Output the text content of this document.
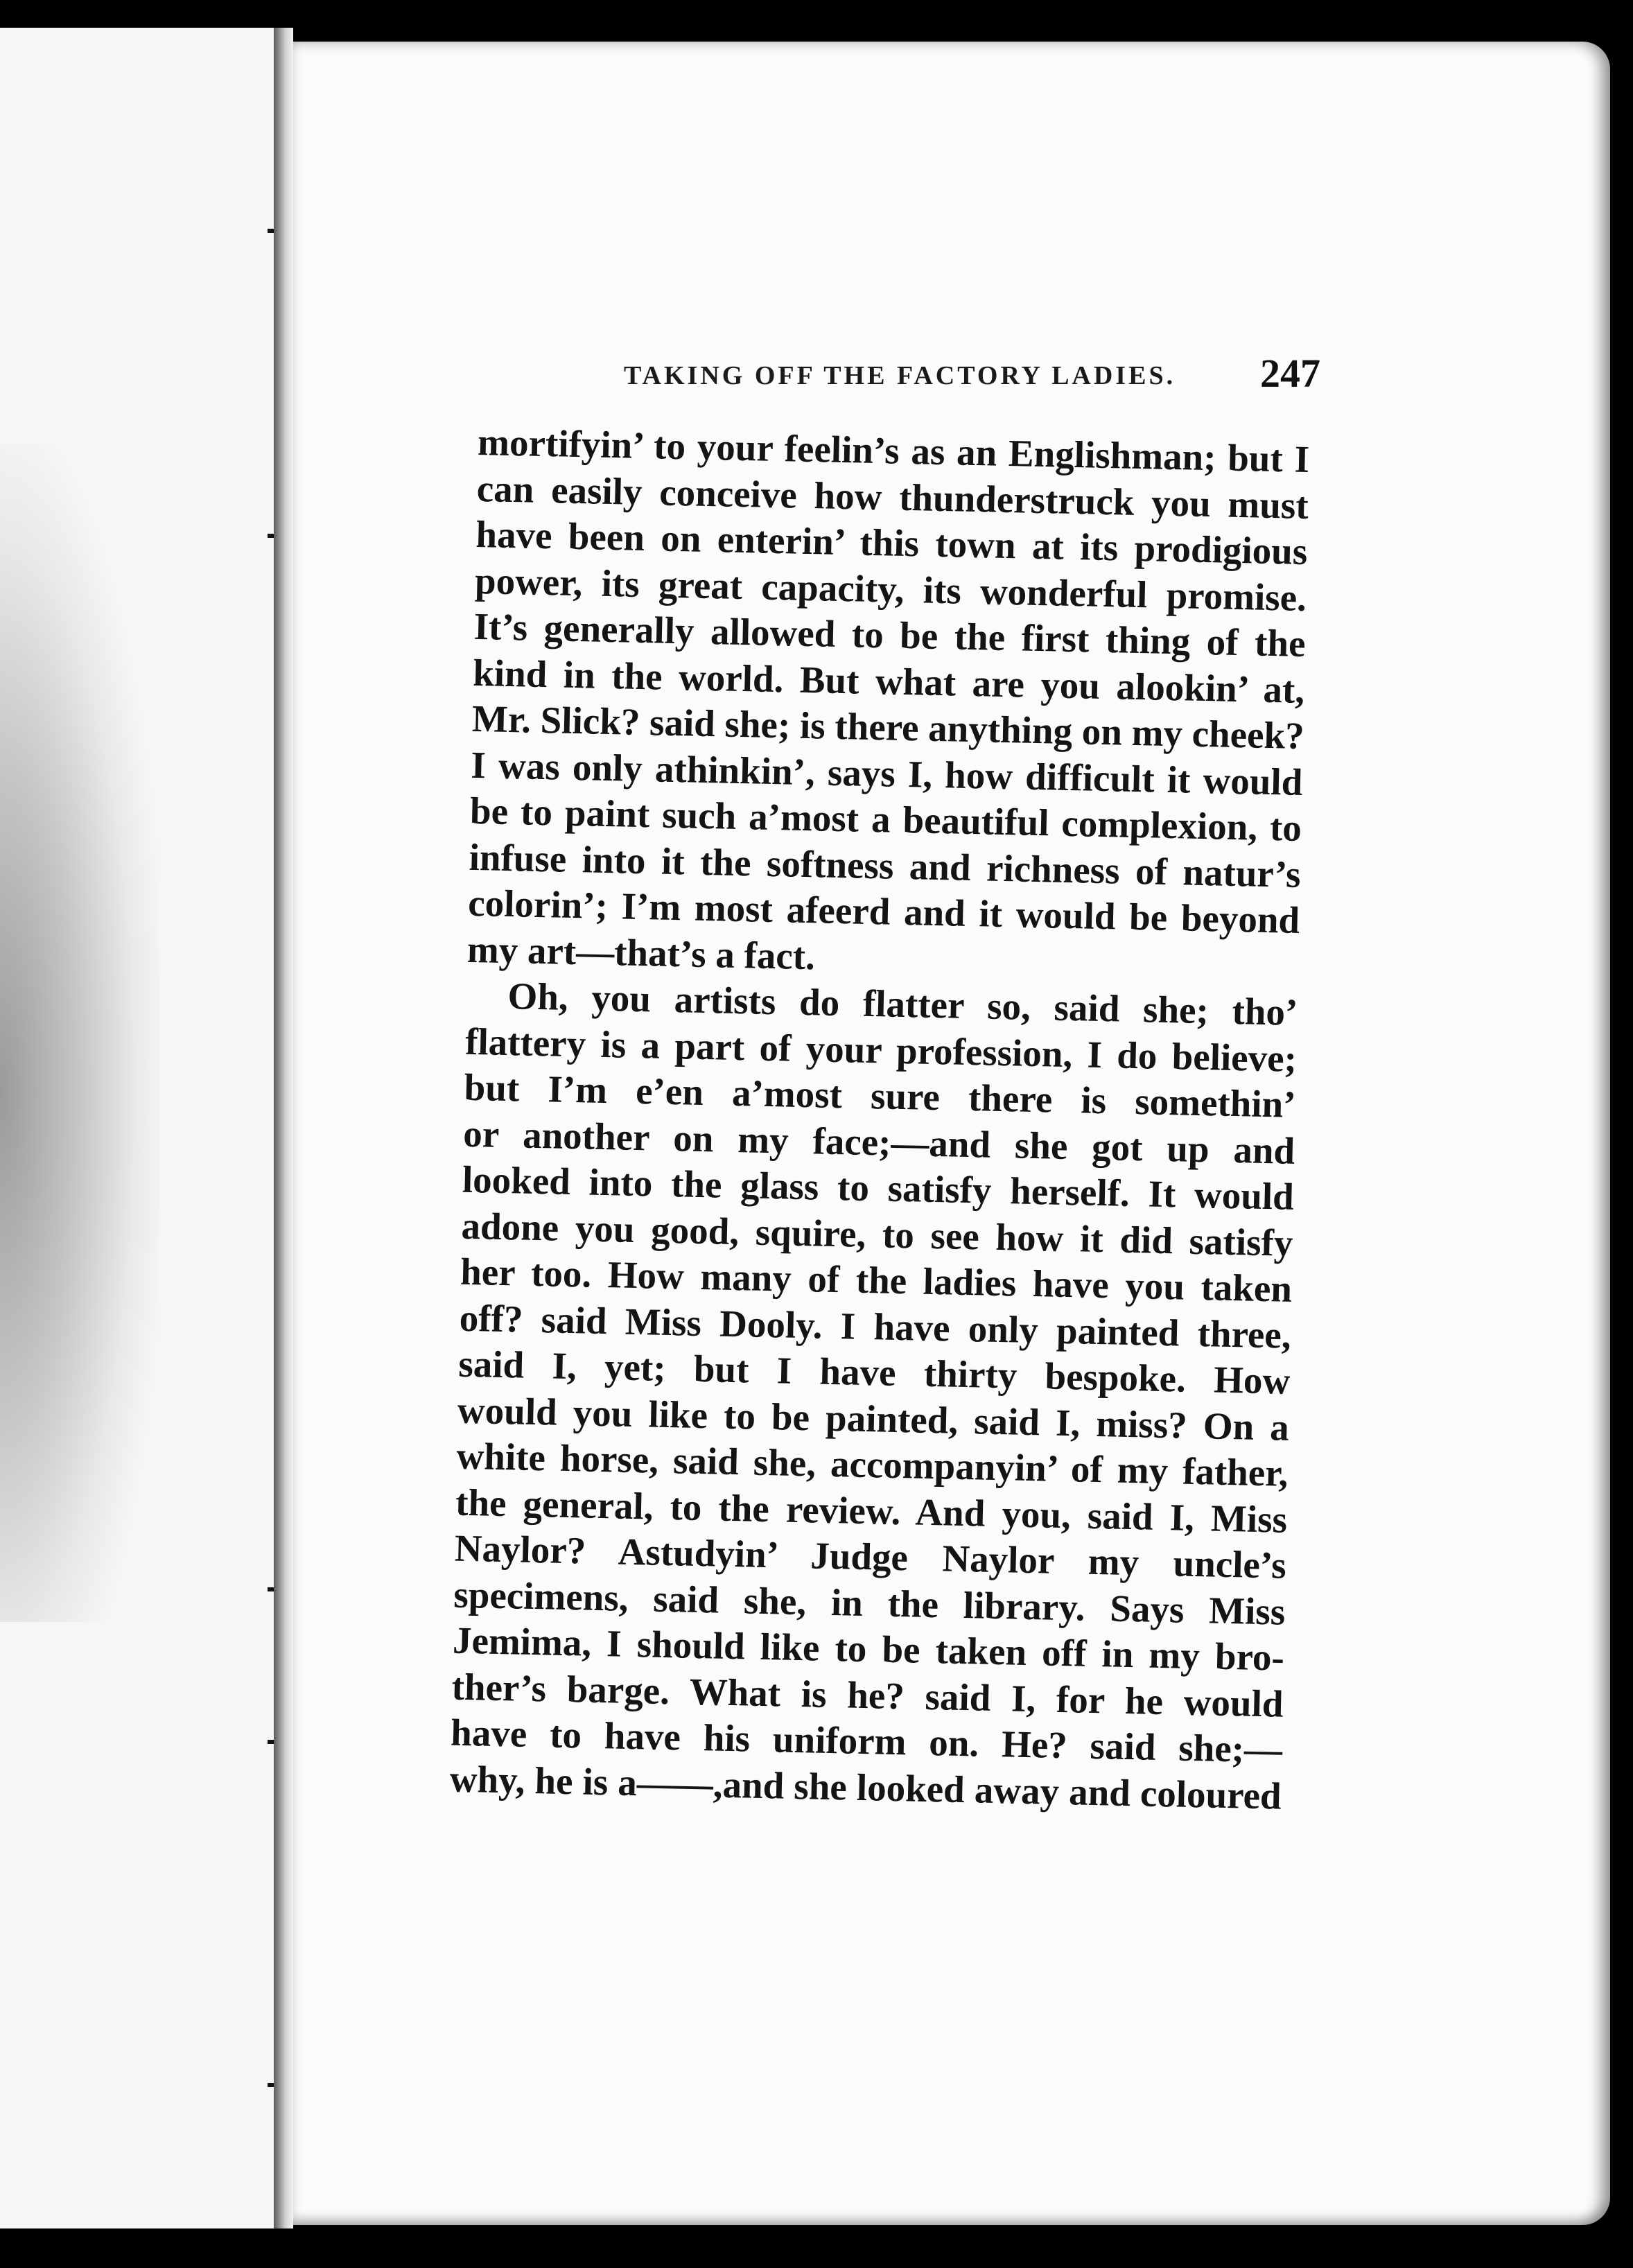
TAKING OFF THE FACTORY LADIES.	247
mortifyin’ to your feelin’s as an Englishman; but I
can easily conceive how thunderstruck you must
have been on enterin’ this town at its prodigious
power, its great capacity, its wonderful promise.
It’s generally allowed to be the first thing of the
kind in the world. But what are you alookin’ at,
Mr. Slick? said she; is there anything on my cheek?
I was only athinkin’, says I, how difficult it would
be to paint such a’most a beautiful complexion, to
infuse into it the softness and richness of natur’s
colorin’; I’m most afeerd and it would be beyond
my art—that’s a fact.
Oh, you artists do flatter so, said she; tho’
flattery is a part of your profession, I do believe;
but I’m e’en a’most sure there is somethin’
or another on my face;—and she got up and
looked into the glass to satisfy herself. It would
adone you good, squire, to see how it did satisfy
her too. How many of the ladies have you taken
off? said Miss Dooly. I have only painted three,
said I, yet; but I have thirty bespoke. How
would you like to be painted, said I, miss? On a
white horse, said she, accompanyin’ of my father,
the general, to the review. And you, said I, Miss
Naylor? Astudyin’ Judge Naylor my uncle’s
specimens, said she, in the library. Says Miss
Jemima, I should like to be taken off in my bro-
ther’s barge. What is he? said I, for he would
have to have his uniform on. He? said she;—
why, he is a——,and she looked away and coloured
